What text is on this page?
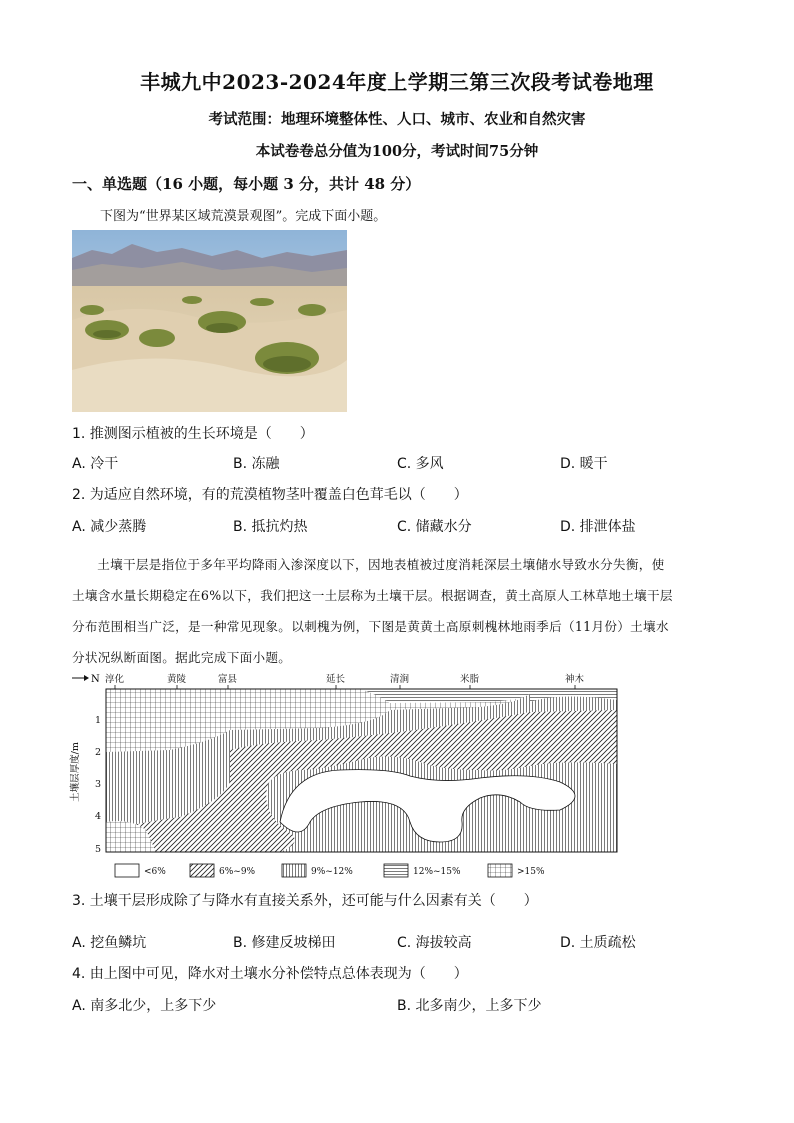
丰城九中2023-2024年度上学期三第三次段考试卷地理
考试范围：地理环境整体性、人口、城市、农业和自然灾害
本试卷卷总分值为100分，考试时间75分钟
一、单选题（16 小题，每小题 3 分，共计 48 分）
下图为“世界某区域荒漠景观图”。完成下面小题。
1. 推测图示植被的生长环境是（　　）
A. 冷干	B. 冻融	C. 多风	D. 暖干
2. 为适应自然环境，有的荒漠植物茎叶覆盖白色茸毛以（　　）
A. 减少蒸腾	B. 抵抗灼热	C. 储藏水分	D. 排泄体盐

土壤干层是指位于多年平均降雨入渗深度以下，因地表植被过度消耗深层土壤储水导致水分失衡，使

土壤含水量长期稳定在6%以下，我们把这一土层称为土壤干层。根据调查，黄土高原人工林草地土壤干层

分布范围相当广泛，是一种常见现象。以刺槐为例，下图是黄黄土高原刺槐林地雨季后（11月份）土壤水

分状况纵断面图。据此完成下面小题。

N 淳化	黄陵	富县	延长	清涧	米脂	神木
1
2
3
4
5
土壤层厚度/m
<6%	6%~9%	9%~12%	12%~15%	>15%
3. 土壤干层形成除了与降水有直接关系外，还可能与什么因素有关（　　）
A. 挖鱼鳞坑	B. 修建反坡梯田	C. 海拔较高	D. 土质疏松
4. 由上图中可见，降水对土壤水分补偿特点总体表现为（　　）
A. 南多北少，上多下少	B. 北多南少，上多下少
